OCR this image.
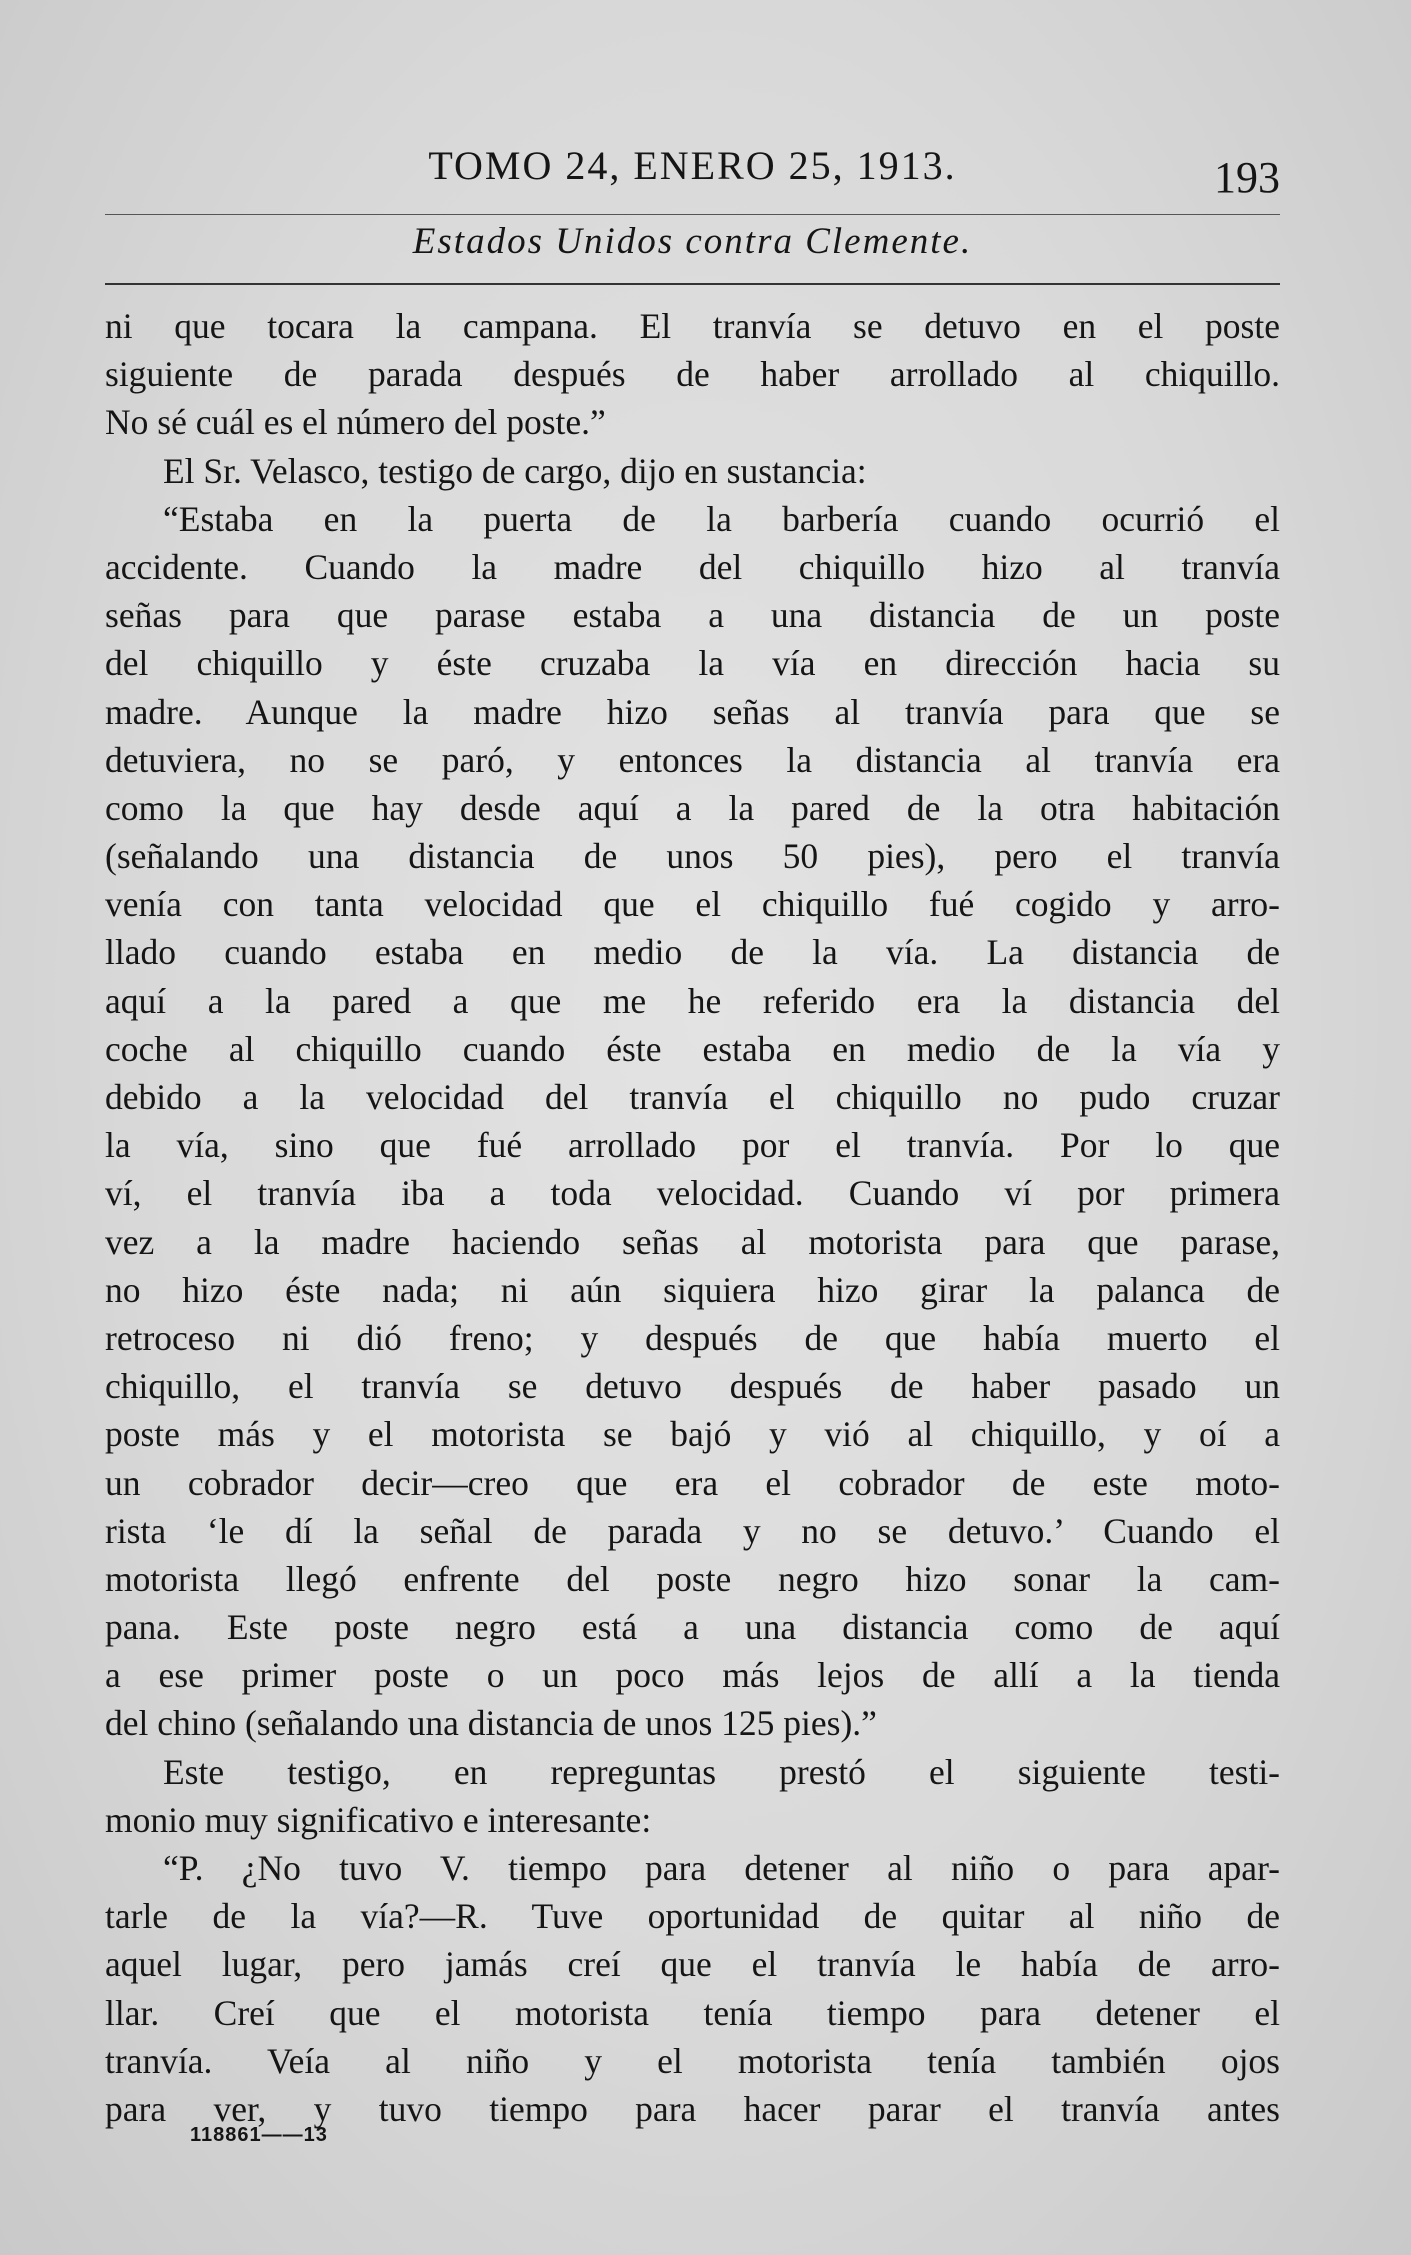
TOMO 24, ENERO 25, 1913.	193
Estados Unidos contra Clemente.
ni que tocara la campana. El tranvía se detuvo en el poste
siguiente de parada después de haber arrollado al chiquillo.
No sé cuál es el número del poste.”
El Sr. Velasco, testigo de cargo, dijo en sustancia:
“Estaba en la puerta de la barbería cuando ocurrió el
accidente. Cuando la madre del chiquillo hizo al tranvía
señas para que parase estaba a una distancia de un poste
del chiquillo y éste cruzaba la vía en dirección hacia su
madre. Aunque la madre hizo señas al tranvía para que se
detuviera, no se paró, y entonces la distancia al tranvía era
como la que hay desde aquí a la pared de la otra habitación
(señalando una distancia de unos 50 pies), pero el tranvía
venía con tanta velocidad que el chiquillo fué cogido y arro-
llado cuando estaba en medio de la vía. La distancia de
aquí a la pared a que me he referido era la distancia del
coche al chiquillo cuando éste estaba en medio de la vía y
debido a la velocidad del tranvía el chiquillo no pudo cruzar
la vía, sino que fué arrollado por el tranvía. Por lo que
ví, el tranvía iba a toda velocidad. Cuando ví por primera
vez a la madre haciendo señas al motorista para que parase,
no hizo éste nada; ni aún siquiera hizo girar la palanca de
retroceso ni dió freno; y después de que había muerto el
chiquillo, el tranvía se detuvo después de haber pasado un
poste más y el motorista se bajó y vió al chiquillo, y oí a
un cobrador decir—creo que era el cobrador de este moto-
rista ‘le dí la señal de parada y no se detuvo.’ Cuando el
motorista llegó enfrente del poste negro hizo sonar la cam-
pana. Este poste negro está a una distancia como de aquí
a ese primer poste o un poco más lejos de allí a la tienda
del chino (señalando una distancia de unos 125 pies).”
Este testigo, en repreguntas prestó el siguiente testi-
monio muy significativo e interesante:
“P. ¿No tuvo V. tiempo para detener al niño o para apar-
tarle de la vía?—R. Tuve oportunidad de quitar al niño de
aquel lugar, pero jamás creí que el tranvía le había de arro-
llar. Creí que el motorista tenía tiempo para detener el
tranvía. Veía al niño y el motorista tenía también ojos
para ver, y tuvo tiempo para hacer parar el tranvía antes
118861——13
